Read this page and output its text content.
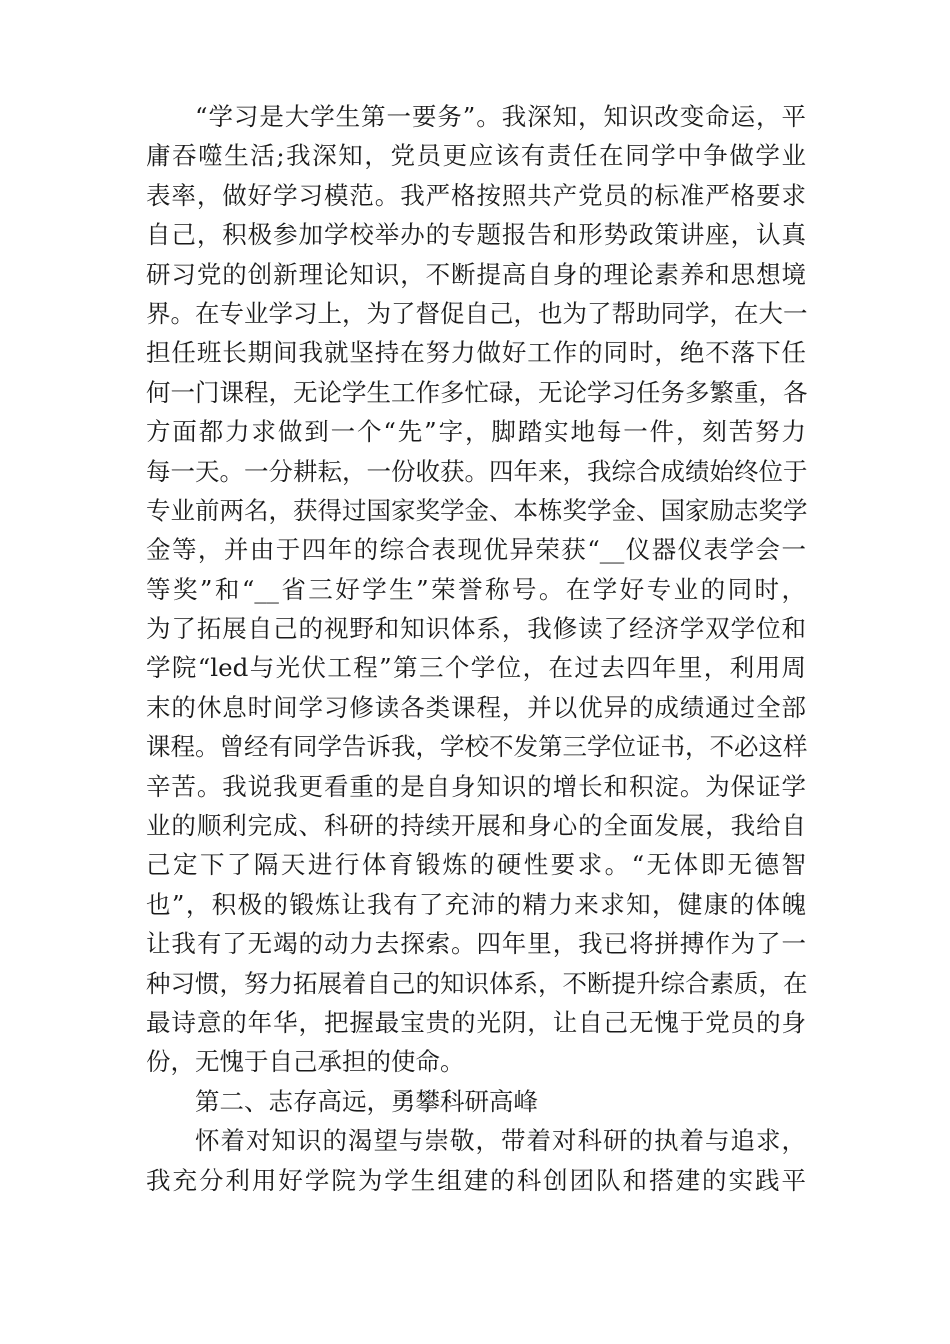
“学习是大学生第一要务”。我深知，知识改变命运，平
庸吞噬生活;我深知，党员更应该有责任在同学中争做学业
表率，做好学习模范。我严格按照共产党员的标准严格要求
自己，积极参加学校举办的专题报告和形势政策讲座，认真
研习党的创新理论知识，不断提高自身的理论素养和思想境
界。在专业学习上，为了督促自己，也为了帮助同学，在大一
担任班长期间我就坚持在努力做好工作的同时，绝不落下任
何一门课程，无论学生工作多忙碌，无论学习任务多繁重，各
方面都力求做到一个“先”字，脚踏实地每一件，刻苦努力
每一天。一分耕耘，一份收获。四年来，我综合成绩始终位于
专业前两名，获得过国家奖学金、本栋奖学金、国家励志奖学
金等，并由于四年的综合表现优异荣获“__仪器仪表学会一
等奖”和“__省三好学生”荣誉称号。在学好专业的同时，
为了拓展自己的视野和知识体系，我修读了经济学双学位和
学院“led与光伏工程”第三个学位，在过去四年里，利用周
末的休息时间学习修读各类课程，并以优异的成绩通过全部
课程。曾经有同学告诉我，学校不发第三学位证书，不必这样
辛苦。我说我更看重的是自身知识的增长和积淀。为保证学
业的顺利完成、科研的持续开展和身心的全面发展，我给自
己定下了隔天进行体育锻炼的硬性要求。“无体即无德智
也”，积极的锻炼让我有了充沛的精力来求知，健康的体魄
让我有了无竭的动力去探索。四年里，我已将拼搏作为了一
种习惯，努力拓展着自己的知识体系，不断提升综合素质，在
最诗意的年华，把握最宝贵的光阴，让自己无愧于党员的身
份，无愧于自己承担的使命。
第二、志存高远，勇攀科研高峰
怀着对知识的渴望与崇敬，带着对科研的执着与追求，
我充分利用好学院为学生组建的科创团队和搭建的实践平
